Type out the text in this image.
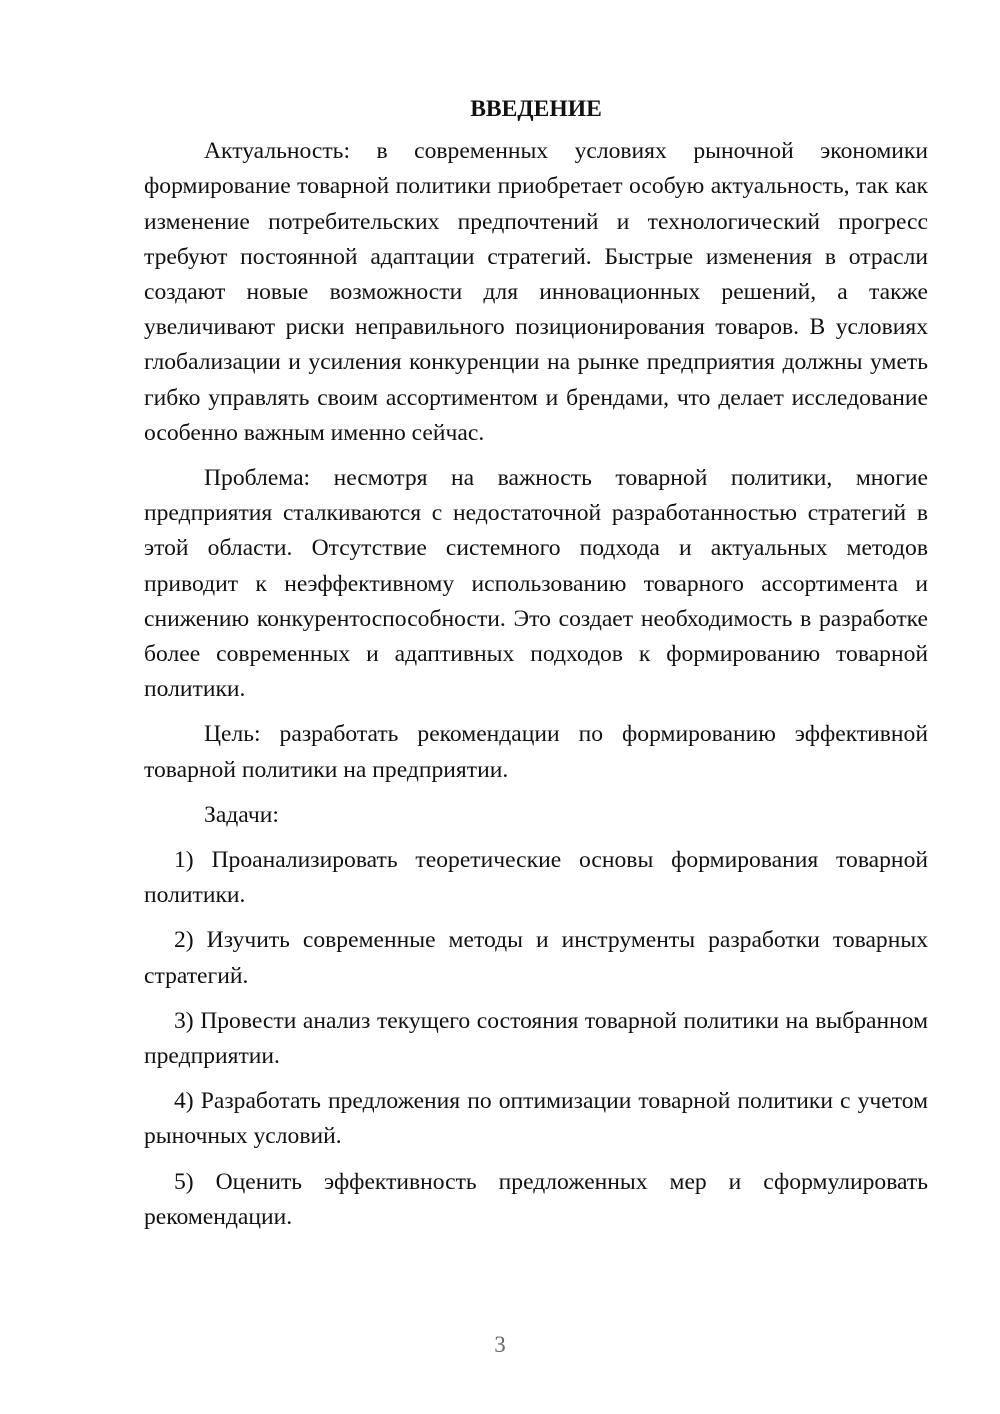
ВВЕДЕНИЕ

Актуальность: в современных условиях рыночной экономики формирование товарной политики приобретает особую актуальность, так как изменение потребительских предпочтений и технологический прогресс требуют постоянной адаптации стратегий. Быстрые изменения в отрасли создают новые возможности для инновационных решений, а также увеличивают риски неправильного позиционирования товаров. В условиях глобализации и усиления конкуренции на рынке предприятия должны уметь гибко управлять своим ассортиментом и брендами, что делает исследование особенно важным именно сейчас.

Проблема: несмотря на важность товарной политики, многие предприятия сталкиваются с недостаточной разработанностью стратегий в этой области. Отсутствие системного подхода и актуальных методов приводит к неэффективному использованию товарного ассортимента и снижению конкурентоспособности. Это создает необходимость в разработке более современных и адаптивных подходов к формированию товарной политики.

Цель: разработать рекомендации по формированию эффективной товарной политики на предприятии.

Задачи:

1) Проанализировать теоретические основы формирования товарной политики.

2) Изучить современные методы и инструменты разработки товарных стратегий.

3) Провести анализ текущего состояния товарной политики на выбранном предприятии.

4) Разработать предложения по оптимизации товарной политики с учетом рыночных условий.

5) Оценить эффективность предложенных мер и сформулировать рекомендации.

3
